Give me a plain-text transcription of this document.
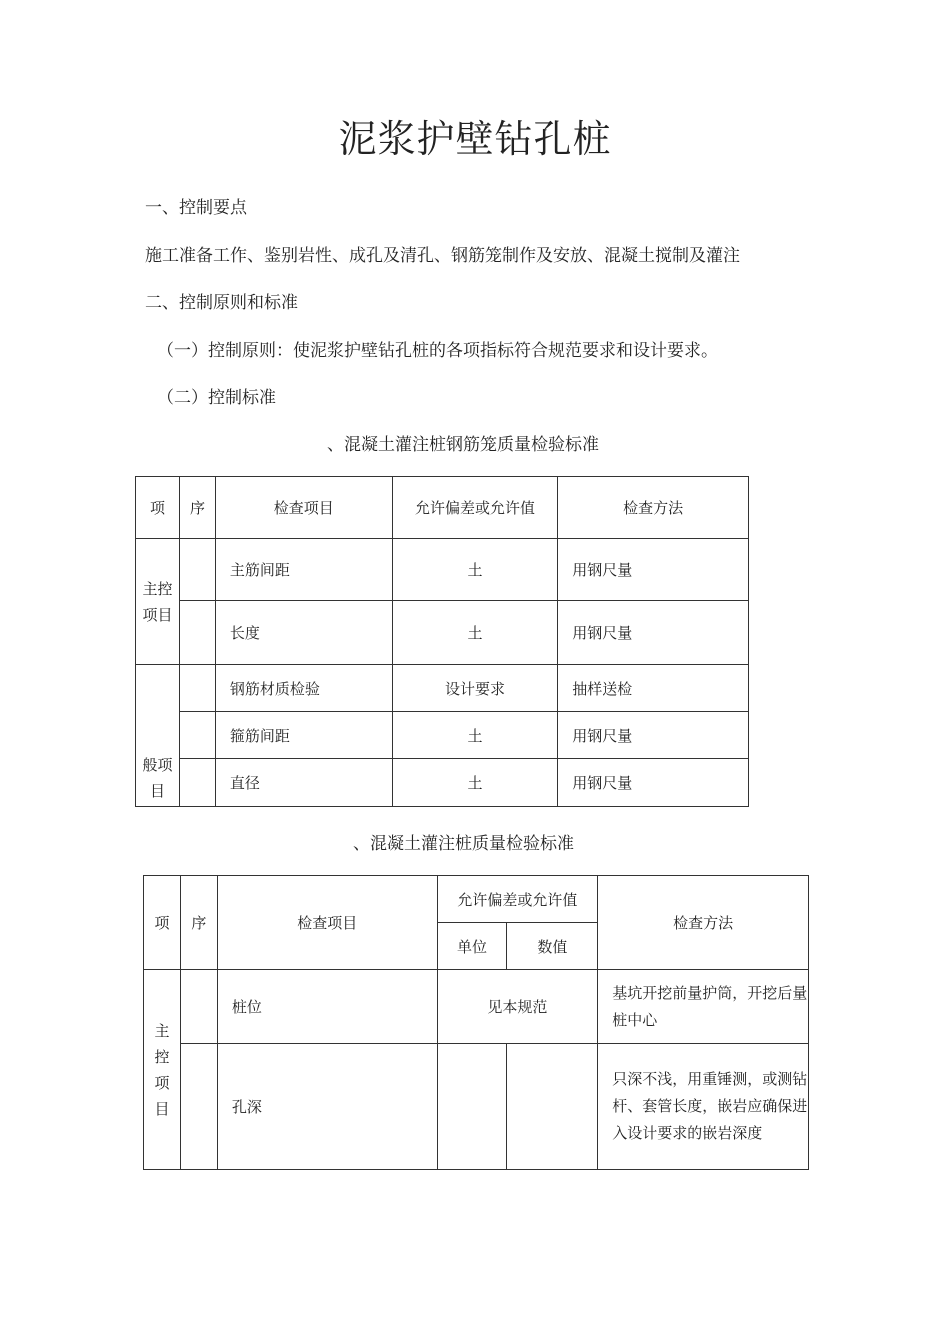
泥浆护壁钻孔桩
一、控制要点
施工准备工作、鉴别岩性、成孔及清孔、钢筋笼制作及安放、混凝土搅制及灌注
二、控制原则和标准
（一）控制原则：使泥浆护壁钻孔桩的各项指标符合规范要求和设计要求。
（二）控制标准
、混凝土灌注桩钢筋笼质量检验标准
项	序	检查项目	允许偏差或允许值	检查方法

主控项目		主筋间距	土	用钢尺量
		长度	土	用钢尺量

般项目		钢筋材质检验	设计要求	抽样送检
		箍筋间距	土	用钢尺量
		直径	土	用钢尺量
、混凝土灌注桩质量检验标准
项	序	检查项目	允许偏差或允许值		检查方法
			单位	数值	

主控项目		桩位	见本规范		基坑开挖前量护筒，开挖后量桩中心
		孔深			只深不浅，用重锤测，或测钻杆、套管长度，嵌岩应确保进入设计要求的嵌岩深度
